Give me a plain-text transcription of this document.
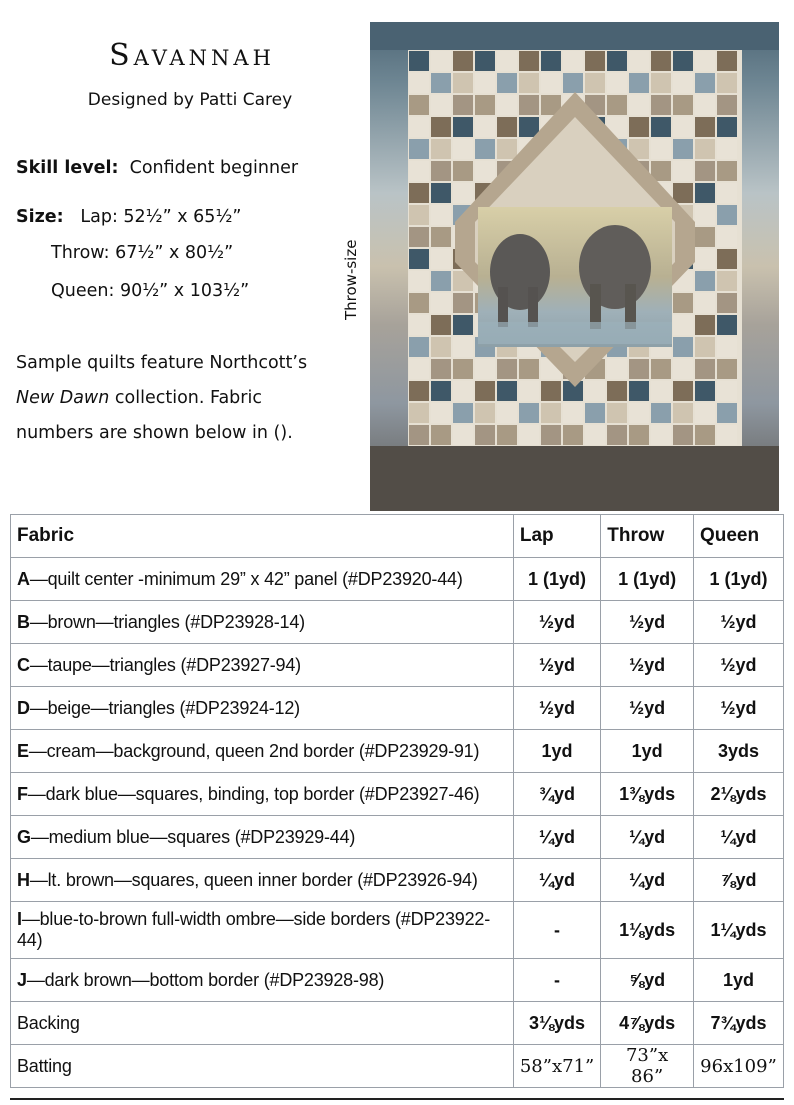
Savannah
Designed by Patti Carey
Skill level: Confident beginner
Size: Lap: 52½” x 65½”
Throw: 67½” x 80½”
Queen: 90½” x 103½”
Sample quilts feature Northcott’s
New Dawn collection. Fabric
numbers are shown below in ().
Throw-size
Fabric	Lap	Throw	Queen
A—quilt center -minimum 29” x 42” panel (#DP23920-44)	1 (1yd)	1 (1yd)	1 (1yd)
B—brown—triangles (#DP23928-14)	½yd	½yd	½yd
C—taupe—triangles (#DP23927-94)	½yd	½yd	½yd
D—beige—triangles (#DP23924-12)	½yd	½yd	½yd
E—cream—background, queen 2nd border (#DP23929-91)	1yd	1yd	3yds
F—dark blue—squares, binding, top border (#DP23927-46)	¾yd	1⅜yds	2⅛yds
G—medium blue—squares (#DP23929-44)	¼yd	¼yd	¼yd
H—lt. brown—squares, queen inner border (#DP23926-94)	¼yd	¼yd	⅞yd
I—blue-to-brown full-width ombre—side borders (#DP23922-44)	-	1⅛yds	1¼yds
J—dark brown—bottom border (#DP23928-98)	-	⅝yd	1yd
Backing	3⅛yds	4⅞yds	7¾yds
Batting	58”x71”	73”x 86”	96x109”
